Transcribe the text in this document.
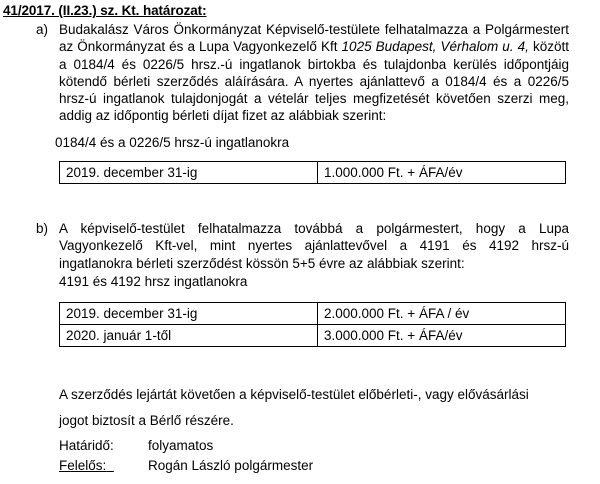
41/2017. (II.23.) sz. Kt. határozat:
a) Budakalász Város Önkormányzat Képviselő-testülete felhatalmazza a Polgármestert
az Önkormányzat és a Lupa Vagyonkezelő Kft 1025 Budapest, Vérhalom u. 4, között
a 0184/4 és 0226/5 hrsz.-ú ingatlanok birtokba és tulajdonba kerülés időpontjáig
kötendő bérleti szerződés aláírására. A nyertes ajánlattevő a 0184/4 és a 0226/5
hrsz-ú ingatlanok tulajdonjogát a vételár teljes megfizetését követően szerzi meg,
addig az időpontig bérleti díjat fizet az alábbiak szerint:
0184/4 és a 0226/5 hrsz-ú ingatlanokra
2019. december 31-ig	1.000.000 Ft. + ÁFA/év
b) A képviselő-testület felhatalmazza továbbá a polgármestert, hogy a Lupa
Vagyonkezelő Kft-vel, mint nyertes ajánlattevővel a 4191 és 4192 hrsz-ú
ingatlanokra bérleti szerződést kössön 5+5 évre az alábbiak szerint:
4191 és 4192 hrsz ingatlanokra
2019. december 31-ig	2.000.000 Ft. + ÁFA / év
2020. január 1-től	3.000.000 Ft. + ÁFA/év
A szerződés lejártát követően a képviselő-testület előbérleti-, vagy elővásárlási
jogot biztosít a Bérlő részére.
Határidő:	folyamatos
Felelős:	Rogán László polgármester
